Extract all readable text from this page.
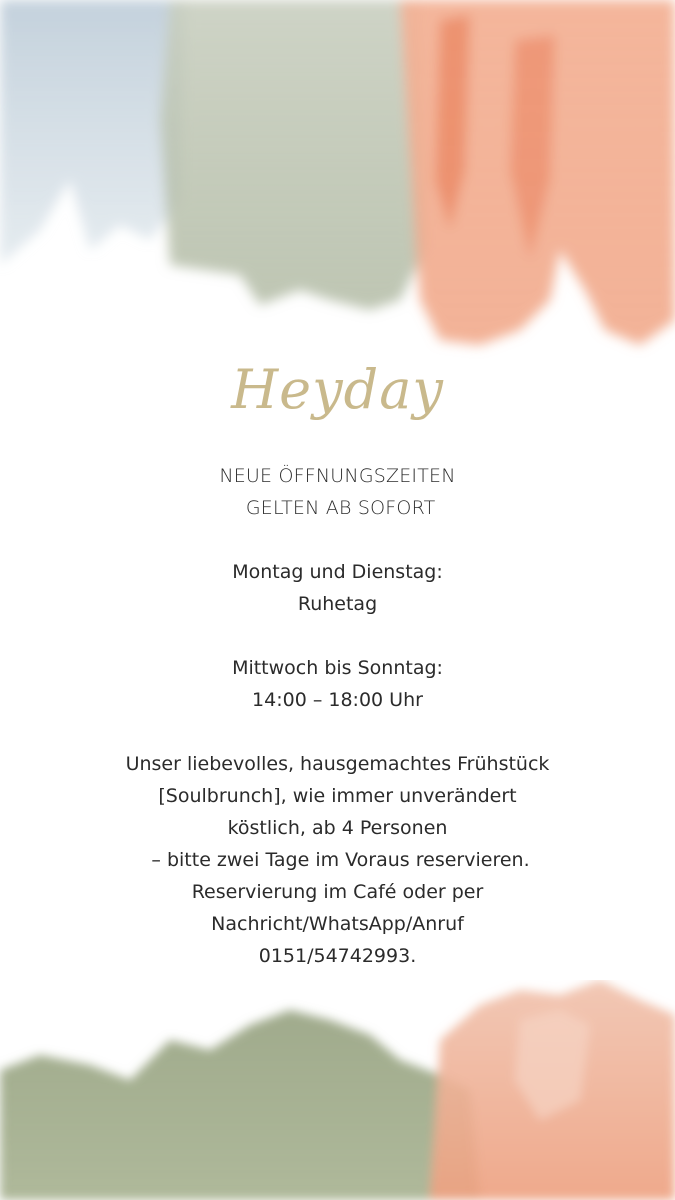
Heyday
NEUE ÖFFNUNGSZEITEN
GELTEN AB SOFORT
Montag und Dienstag:
Ruhetag
Mittwoch bis Sonntag:
14:00 – 18:00 Uhr
Unser liebevolles, hausgemachtes Frühstück
[Soulbrunch], wie immer unverändert
köstlich, ab 4 Personen
– bitte zwei Tage im Voraus reservieren.
Reservierung im Café oder per
Nachricht/WhatsApp/Anruf
0151/54742993.
